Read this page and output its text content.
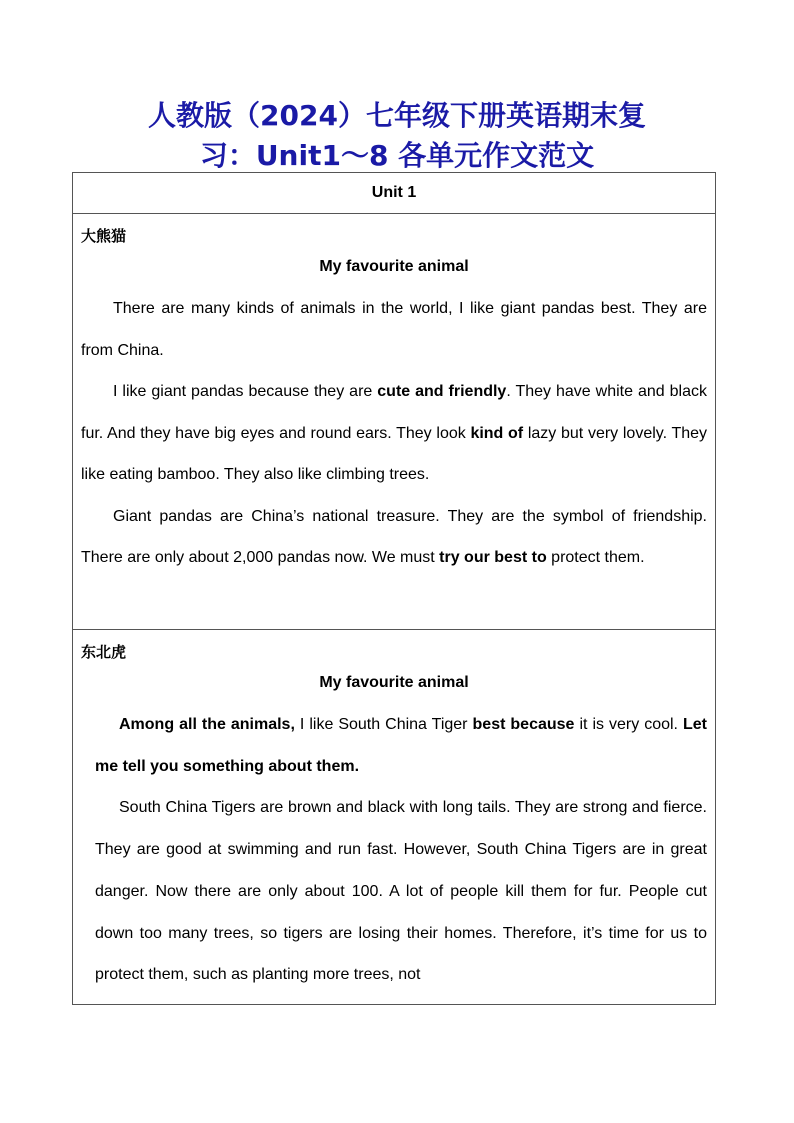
人教版（2024）七年级下册英语期末复
习：Unit1～8 各单元作文范文
Unit 1

大熊猫

My favourite animal

There are many kinds of animals in the world, I like giant pandas best. They are from China.

I like giant pandas because they are cute and friendly. They have white and black fur. And they have big eyes and round ears. They look kind of lazy but very lovely. They like eating bamboo. They also like climbing trees.

Giant pandas are China’s national treasure. They are the symbol of friendship. There are only about 2,000 pandas now. We must try our best to protect them.

东北虎

My favourite animal

Among all the animals, I like South China Tiger best because it is very cool. Let me tell you something about them.

South China Tigers are brown and black with long tails. They are strong and fierce. They are good at swimming and run fast. However, South China Tigers are in great danger. Now there are only about 100. A lot of people kill them for fur. People cut down too many trees, so tigers are losing their homes. Therefore, it’s time for us to protect them, such as planting more trees, not
